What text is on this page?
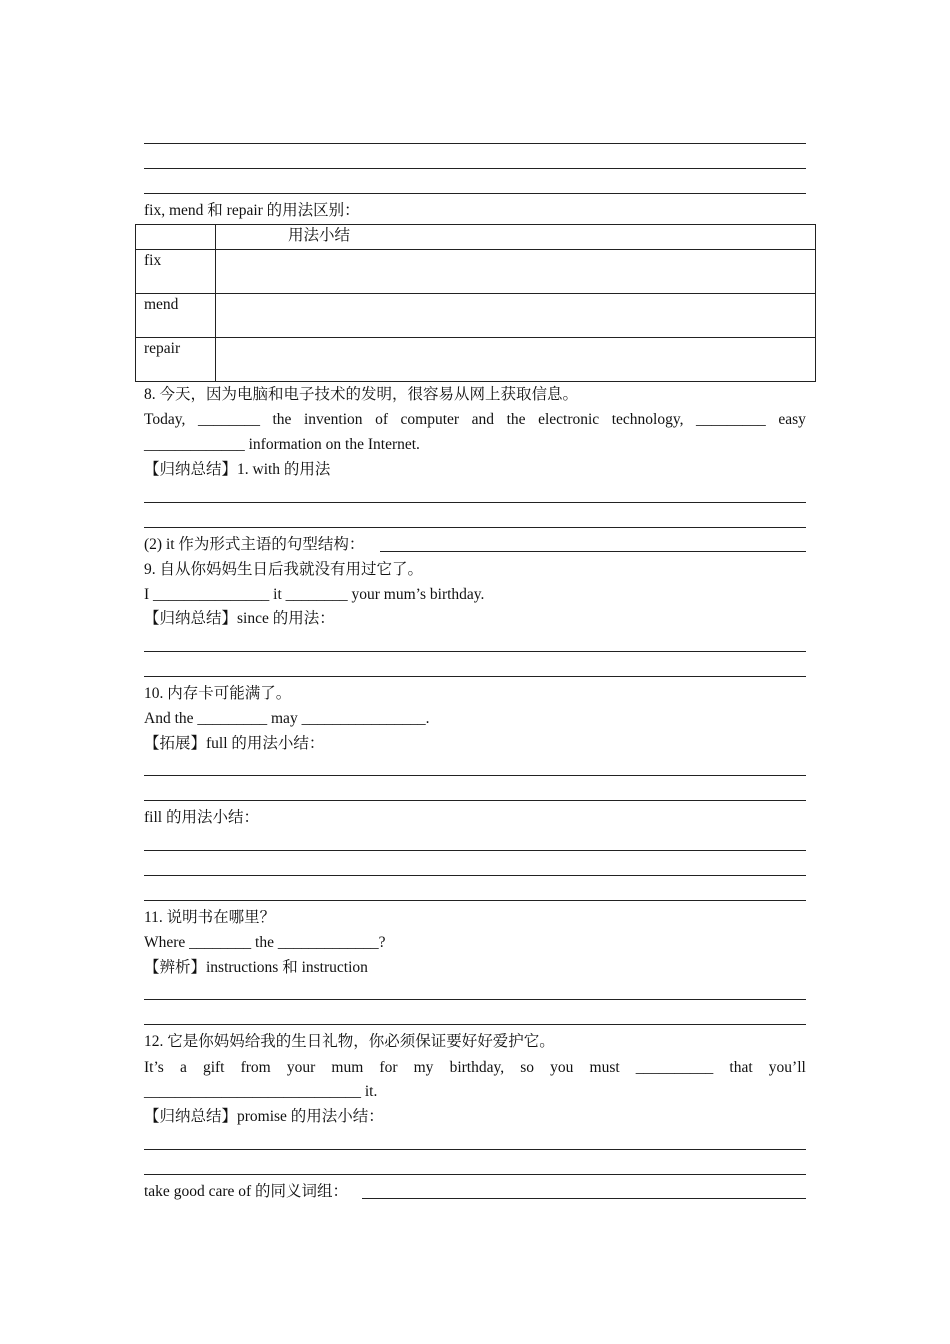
fix, mend 和 repair 的用法区别：
	用法小结
fix	
mend	
repair	
8. 今天，因为电脑和电子技术的发明，很容易从网上获取信息。
Today, ________ the invention of computer and the electronic technology, _________ easy
_____________ information on the Internet.
【归纳总结】1. with 的用法
(2) it 作为形式主语的句型结构：
9. 自从你妈妈生日后我就没有用过它了。
I _______________ it ________ your mum’s birthday.
【归纳总结】since 的用法：
10. 内存卡可能满了。
And the _________ may ________________.
【拓展】full 的用法小结：
fill 的用法小结：
11. 说明书在哪里？
Where ________ the _____________?
【辨析】instructions 和 instruction
12. 它是你妈妈给我的生日礼物，你必须保证要好好爱护它。
It’s a gift from your mum for my birthday, so you must __________ that you’ll
____________________________ it.
【归纳总结】promise 的用法小结：
take good care of 的同义词组：
